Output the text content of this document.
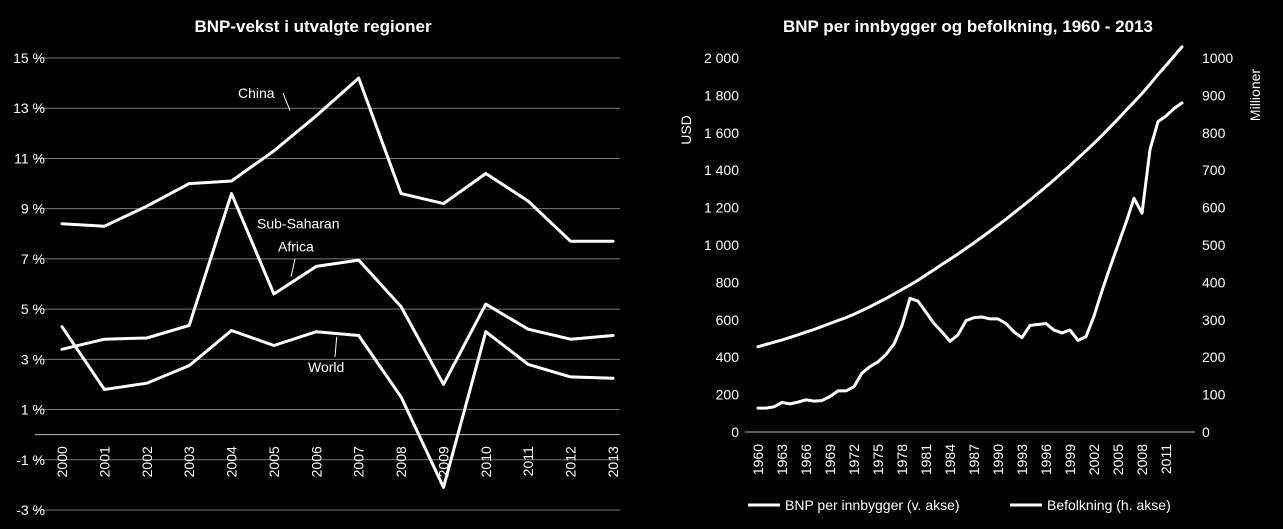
BNP-vekst i utvalgte regioner	BNP per innbygger og befolkning, 1960 - 2013
USD
Millioner
BNP per innbygger (v. akse)	Befolkning (h. akse)
15 %
13 %
11 %
9 %
7 %
5 %
3 %
1 %
-1 %
-3 %
2000 2001 2002 2003 2004 2005 2006 2007 2008 2009 2010 2011 2012 2013
China
Sub-Saharan
Africa
World
2 000
1 800
1 600
1 400
1 200
1 000
800
600
400
200
0
1000
900
800
700
600
500
400
300
200
100
0
1960 1963 1966 1969 1972 1975 1978 1981 1984 1987 1990 1993 1996 1999 2002 2005 2008 2011
